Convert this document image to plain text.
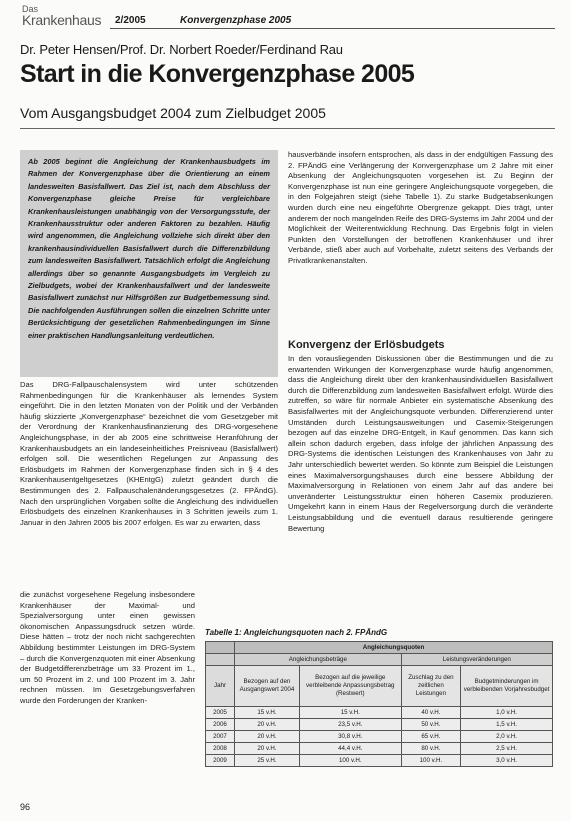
Das
Krankenhaus 2/2005	Konvergenzphase 2005
Dr. Peter Hensen/Prof. Dr. Norbert Roeder/Ferdinand Rau
Start in die Konvergenzphase 2005
Vom Ausgangsbudget 2004 zum Zielbudget 2005
Ab 2005 beginnt die Angleichung der Krankenhausbudgets im Rahmen der Konvergenzphase über die Orientierung an einem landesweiten Basisfallwert. Das Ziel ist, nach dem Abschluss der Konvergenzphase gleiche Preise für vergleichbare Krankenhausleistungen unabhängig von der Versorgungsstufe, der Krankenhausstruktur oder anderen Faktoren zu bezahlen. Häufig wird angenommen, die Angleichung vollziehe sich direkt über den krankenhausindividuellen Basisfallwert durch die Differenzbildung zum landesweiten Basisfallwert. Tatsächlich erfolgt die Angleichung allerdings über so genannte Ausgangsbudgets im Vergleich zu Zielbudgets, wobei der Krankenhausfallwert und der landesweite Basisfallwert zunächst nur Hilfsgrößen zur Budgetbemessung sind. Die nachfolgenden Ausführungen sollen die einzelnen Schritte unter Berücksichtigung der gesetzlichen Rahmenbedingungen im Sinne einer praktischen Handlungsanleitung verdeutlichen.
Das DRG-Fallpauschalensystem wird unter schützenden Rahmenbedingungen für die Krankenhäuser als lernendes System eingeführt. Die in den letzten Monaten von der Politik und der Verbänden häufig skizzierte „Konvergenzphase“ bezeichnet die vom Gesetzgeber mit der Verordnung der Krankenhausfinanzierung des DRG-vorgesehene Angleichungsphase, in der ab 2005 eine schrittweise Heranführung der Krankenhausbudgets an ein landeseinheitliches Preisniveau (Basisfallwert) erfolgen soll. Die wesentlichen Regelungen zur Anpassung des Erlösbudgets im Rahmen der Konvergenzphase finden sich in § 4 des Krankenhausentgeltgesetzes (KHEntgG) zuletzt geändert durch die Bestimmungen des 2. Fallpauschalenänderungsgesetzes (2. FPÄndG). Nach den ursprünglichen Vorgaben sollte die Angleichung des individuellen Erlösbudgets des einzelnen Krankenhauses in 3 Schritten jeweils zum 1. Januar in den Jahren 2005 bis 2007 erfolgen. Es war zu erwarten, dass
die zunächst vorgesehene Regelung insbesondere Krankenhäuser der Maximal- und Spezialversorgung unter einen gewissen ökonomischen Anpassungsdruck setzen würde. Diese hätten – trotz der noch nicht sachgerechten Abbildung bestimmter Leistungen im DRG-System – durch die Konvergenzquoten mit einer Absenkung der Budgetdifferenzbeträge um 33 Prozent im 1., um 50 Prozent im 2. und 100 Prozent im 3. Jahr rechnen müssen. Im Gesetzgebungsverfahren wurde den Forderungen der Kranken-
hausverbände insofern entsprochen, als dass in der endgültigen Fassung des 2. FPÄndG eine Verlängerung der Konvergenzphase um 2 Jahre mit einer Absenkung der Angleichungsquoten vorgesehen ist. Zu Beginn der Konvergenzphase ist nun eine geringere Angleichungsquote vorgegeben, die in den Folgejahren steigt (siehe Tabelle 1). Zu starke Budgetabsenkungen wurden durch eine neu eingeführte Obergrenze gekappt. Dies trägt, unter anderem der noch mangelnden Reife des DRG-Systems im Jahr 2004 und der Möglichkeit der Weiterentwicklung Rechnung. Das Ergebnis folgt in vielen Punkten den Vorstellungen der betroffenen Krankenhäuser und ihrer Verbände, stieß aber auch auf Vorbehalte, zuletzt seitens des Verbands der Privatkrankenanstalten.
Konvergenz der Erlösbudgets
In den vorausliegenden Diskussionen über die Bestimmungen und die zu erwartenden Wirkungen der Konvergenzphase wurde häufig angenommen, dass die Angleichung direkt über den krankenhausindividuellen Basisfallwert durch die Differenzbildung zum landesweiten Basisfallwert erfolgt. Würde dies zutreffen, so wäre für normale Anbieter ein systematische Absenkung des Basisfallwertes mit der Angleichungsquote verbunden. Differenzierend unter Umständen durch Leistungsausweitungen und Casemix-Steigerungen bezogen auf das einzelne DRG-Entgelt, in Kauf genommen. Das kann sich allein schon dadurch ergeben, dass infolge der jährlichen Anpassung des DRG-Systems die identischen Leistungen des Krankenhauses von Jahr zu Jahr unterschiedlich bewertet werden. So könnte zum Beispiel die Leistungen eines Maximalversorgungshauses durch eine bessere Abbildung der Maximalversorgung in Relationen von einem Jahr auf das andere bei unveränderter Leistungsstruktur einen höheren Casemix produzieren. Umgekehrt kann in einem Haus der Regelversorgung durch die veränderte Leistungsabbildung und die eventuell daraus resultierende geringere Bewertung
Tabelle 1: Angleichungsquoten nach 2. FPÄndG
	Angleichungsquoten			
	Angleichungsbeträge		Leistungsveränderungen	
Jahr	Bezogen auf den Ausgangswert 2004	Bezogen auf die jeweilige verbleibende Anpassungsbetrag (Restwert)	Zuschlag zu den zeitlichen Leistungen	Budgetminderungen im verbleibenden Vorjahresbudget
2005	15 v.H.	15 v.H.	40 v.H.	1,0 v.H.
2006	20 v.H.	23,5 v.H.	50 v.H.	1,5 v.H.
2007	20 v.H.	30,8 v.H.	65 v.H.	2,0 v.H.
2008	20 v.H.	44,4 v.H.	80 v.H.	2,5 v.H.
2009	25 v.H.	100 v.H.	100 v.H.	3,0 v.H.
96
